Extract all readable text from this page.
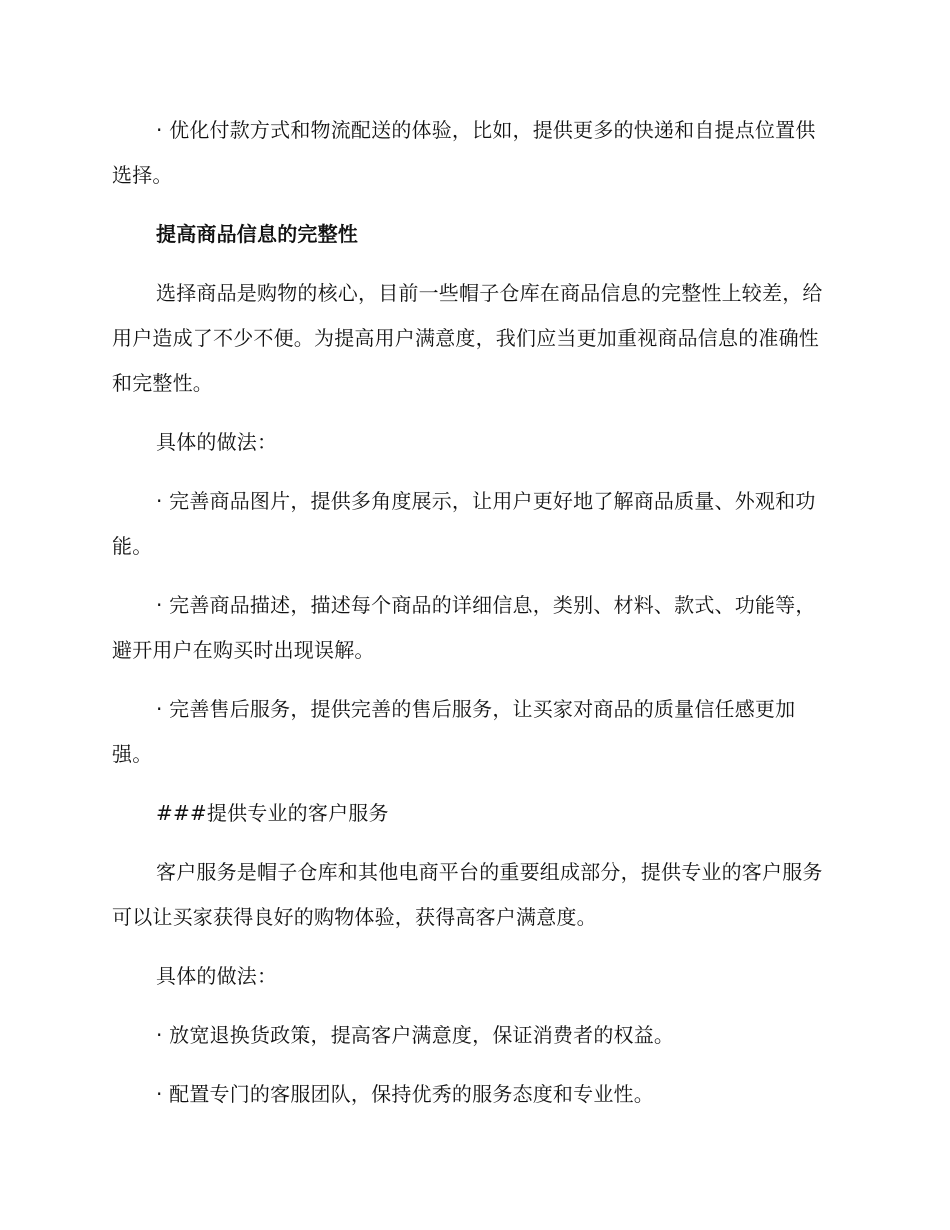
· 优化付款方式和物流配送的体验，比如，提供更多的快递和自提点位置供选择。

提高商品信息的完整性

选择商品是购物的核心，目前一些帽子仓库在商品信息的完整性上较差，给用户造成了不少不便。为提高用户满意度，我们应当更加重视商品信息的准确性和完整性。

具体的做法：

· 完善商品图片，提供多角度展示，让用户更好地了解商品质量、外观和功能。

· 完善商品描述，描述每个商品的详细信息，类别、材料、款式、功能等，避开用户在购买时出现误解。

· 完善售后服务，提供完善的售后服务，让买家对商品的质量信任感更加强。

###提供专业的客户服务

客户服务是帽子仓库和其他电商平台的重要组成部分，提供专业的客户服务可以让买家获得良好的购物体验，获得高客户满意度。

具体的做法：

· 放宽退换货政策，提高客户满意度，保证消费者的权益。

· 配置专门的客服团队，保持优秀的服务态度和专业性。
